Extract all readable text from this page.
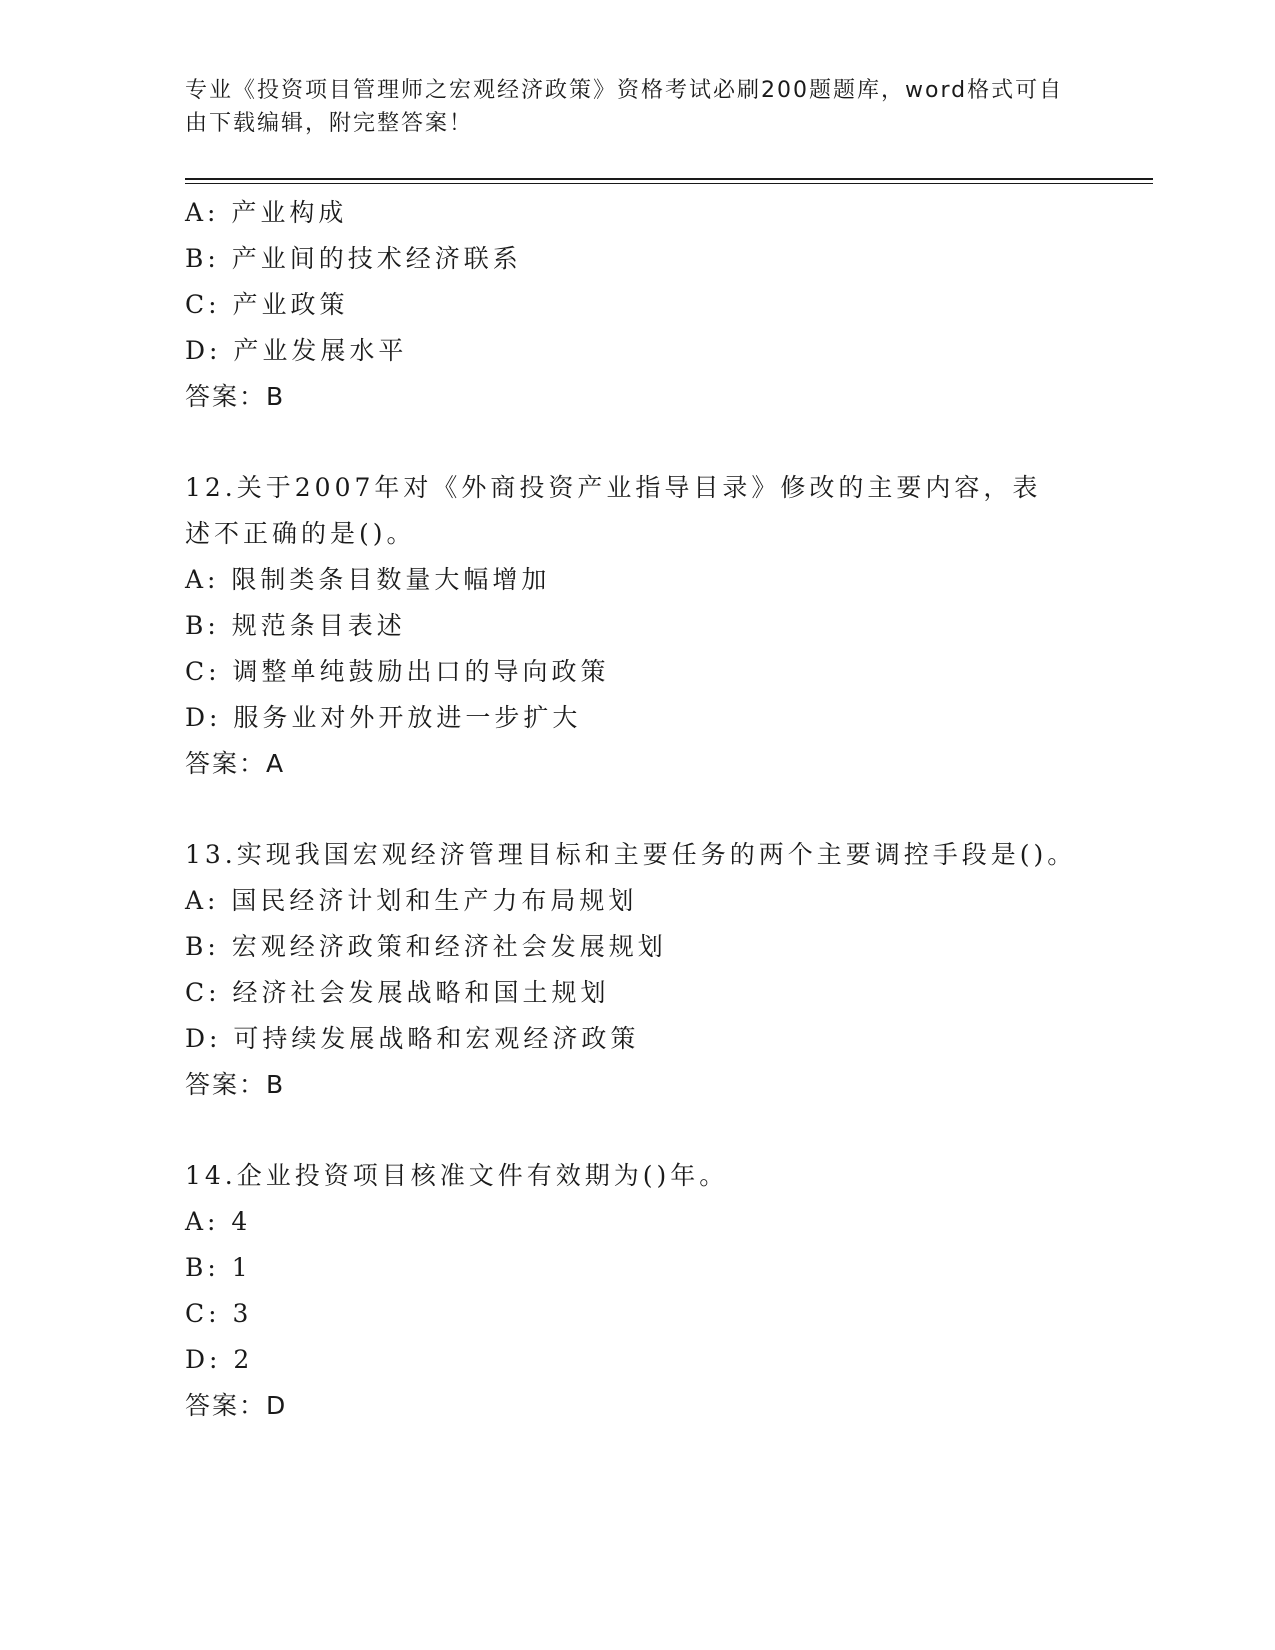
专业《投资项目管理师之宏观经济政策》资格考试必刷200题题库，word格式可自由下载编辑，附完整答案！
A: 产业构成
B: 产业间的技术经济联系
C: 产业政策
D: 产业发展水平
答案：B
12.关于2007年对《外商投资产业指导目录》修改的主要内容，表述不正确的是()。
A: 限制类条目数量大幅增加
B: 规范条目表述
C: 调整单纯鼓励出口的导向政策
D: 服务业对外开放进一步扩大
答案：A
13.实现我国宏观经济管理目标和主要任务的两个主要调控手段是()。
A: 国民经济计划和生产力布局规划
B: 宏观经济政策和经济社会发展规划
C: 经济社会发展战略和国土规划
D: 可持续发展战略和宏观经济政策
答案：B
14.企业投资项目核准文件有效期为()年。
A: 4
B: 1
C: 3
D: 2
答案：D
